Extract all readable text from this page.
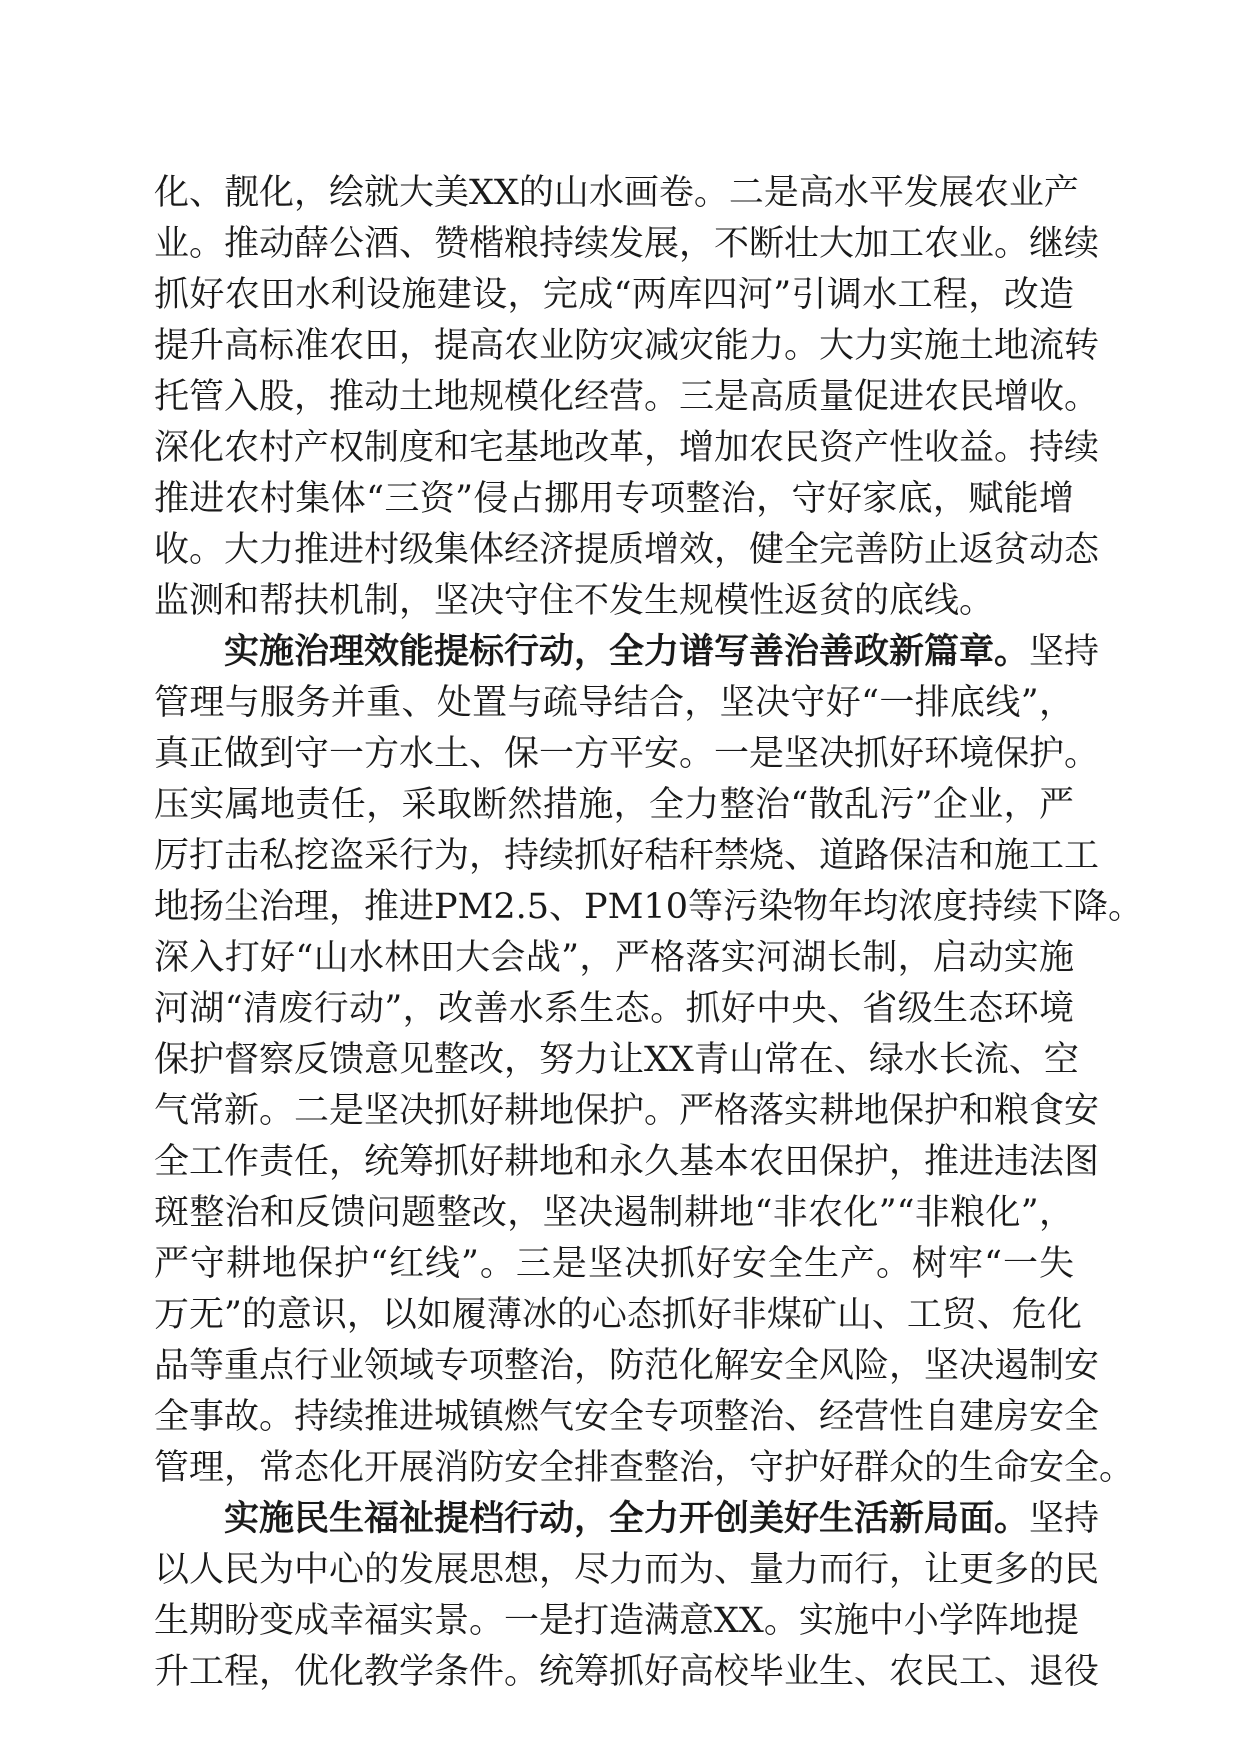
化、靓化，绘就大美XX的山水画卷。二是高水平发展农业产
业。推动薛公酒、赞楷粮持续发展，不断壮大加工农业。继续
抓好农田水利设施建设，完成“两库四河”引调水工程，改造
提升高标准农田，提高农业防灾减灾能力。大力实施土地流转
托管入股，推动土地规模化经营。三是高质量促进农民增收。
深化农村产权制度和宅基地改革，增加农民资产性收益。持续
推进农村集体“三资”侵占挪用专项整治，守好家底，赋能增
收。大力推进村级集体经济提质增效，健全完善防止返贫动态
监测和帮扶机制，坚决守住不发生规模性返贫的底线。
实施治理效能提标行动，全力谱写善治善政新篇章。坚持
管理与服务并重、处置与疏导结合，坚决守好“一排底线”，
真正做到守一方水土、保一方平安。一是坚决抓好环境保护。
压实属地责任，采取断然措施，全力整治“散乱污”企业，严
厉打击私挖盗采行为，持续抓好秸秆禁烧、道路保洁和施工工
地扬尘治理，推进PM2.5、PM10等污染物年均浓度持续下降。
深入打好“山水林田大会战”，严格落实河湖长制，启动实施
河湖“清废行动”，改善水系生态。抓好中央、省级生态环境
保护督察反馈意见整改，努力让XX青山常在、绿水长流、空
气常新。二是坚决抓好耕地保护。严格落实耕地保护和粮食安
全工作责任，统筹抓好耕地和永久基本农田保护，推进违法图
斑整治和反馈问题整改，坚决遏制耕地“非农化”“非粮化”，
严守耕地保护“红线”。三是坚决抓好安全生产。树牢“一失
万无”的意识，以如履薄冰的心态抓好非煤矿山、工贸、危化
品等重点行业领域专项整治，防范化解安全风险，坚决遏制安
全事故。持续推进城镇燃气安全专项整治、经营性自建房安全
管理，常态化开展消防安全排查整治，守护好群众的生命安全。
实施民生福祉提档行动，全力开创美好生活新局面。坚持
以人民为中心的发展思想，尽力而为、量力而行，让更多的民
生期盼变成幸福实景。一是打造满意XX。实施中小学阵地提
升工程，优化教学条件。统筹抓好高校毕业生、农民工、退役
